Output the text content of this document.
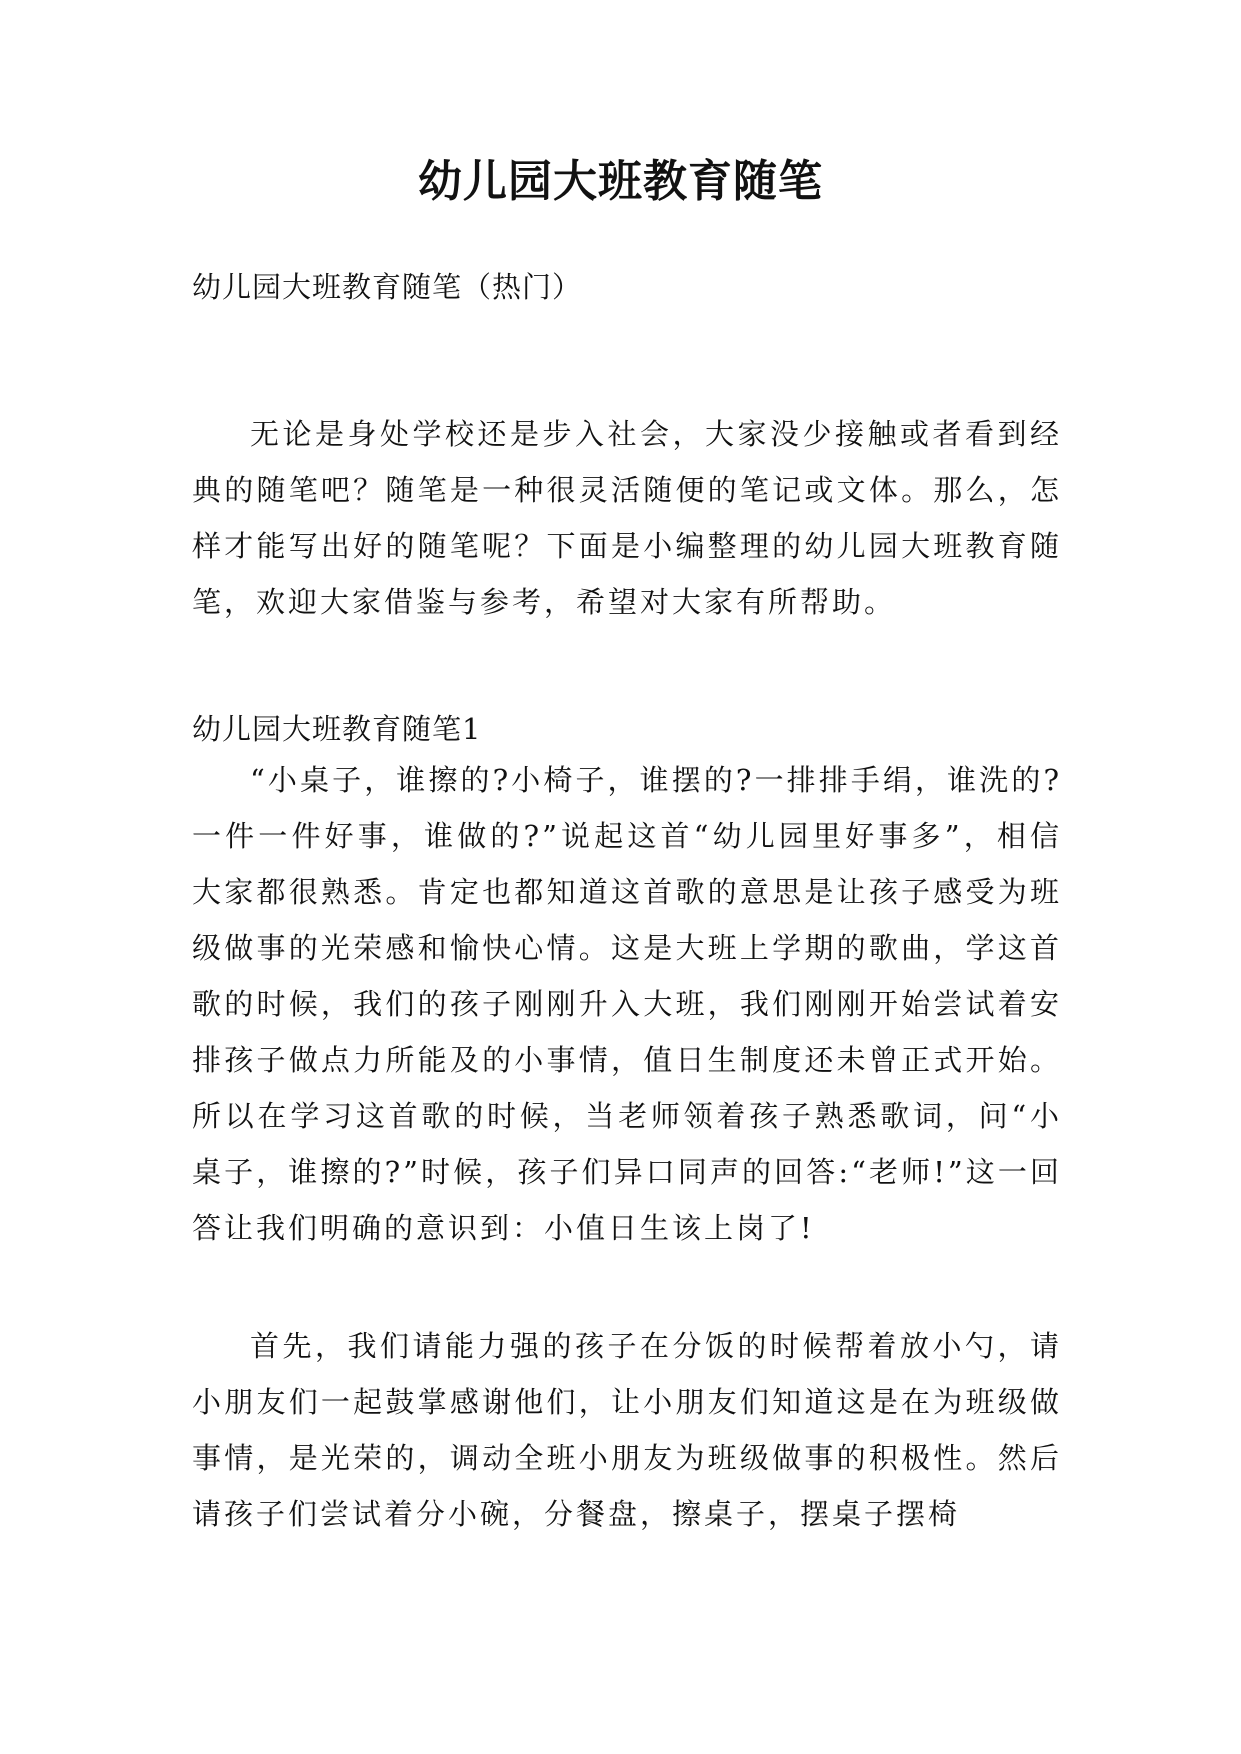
幼儿园大班教育随笔
幼儿园大班教育随笔（热门）

无论是身处学校还是步入社会，大家没少接触或者看到经典的随笔吧？随笔是一种很灵活随便的笔记或文体。那么，怎样才能写出好的随笔呢？下面是小编整理的幼儿园大班教育随笔，欢迎大家借鉴与参考，希望对大家有所帮助。

幼儿园大班教育随笔1

“小桌子，谁擦的?小椅子，谁摆的?一排排手绢，谁洗的?一件一件好事，谁做的?”说起这首“幼儿园里好事多”，相信大家都很熟悉。肯定也都知道这首歌的意思是让孩子感受为班级做事的光荣感和愉快心情。这是大班上学期的歌曲，学这首歌的时候，我们的孩子刚刚升入大班，我们刚刚开始尝试着安排孩子做点力所能及的小事情，值日生制度还未曾正式开始。所以在学习这首歌的时候，当老师领着孩子熟悉歌词，问“小桌子，谁擦的?”时候，孩子们异口同声的回答:“老师!”这一回答让我们明确的意识到：小值日生该上岗了!

首先，我们请能力强的孩子在分饭的时候帮着放小勺，请小朋友们一起鼓掌感谢他们，让小朋友们知道这是在为班级做事情，是光荣的，调动全班小朋友为班级做事的积极性。然后请孩子们尝试着分小碗，分餐盘，擦桌子，摆桌子摆椅
